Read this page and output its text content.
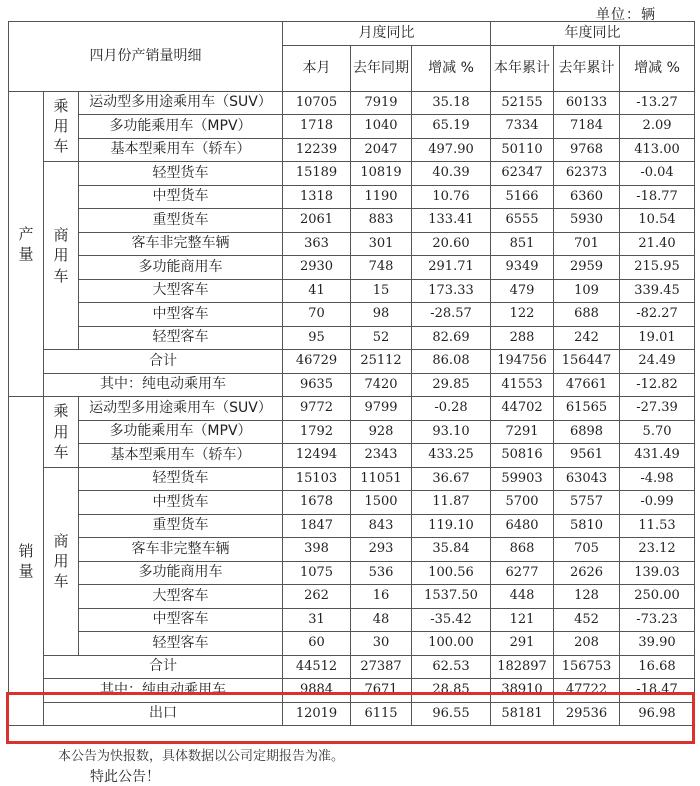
单位：辆
四月份产销量明细			月度同比			年度同比		
			本月	去年同期	增减 %	本年累计	去年累计	增减 %
产
量	乘
用
车	运动型多用途乘用车（SUV）	10705	7919	35.18	52155	60133	-13.27
		多功能乘用车（MPV）	1718	1040	65.19	7334	7184	2.09
		基本型乘用车（轿车）	12239	2047	497.90	50110	9768	413.00
	商
用
车	轻型货车	15189	10819	40.39	62347	62373	-0.04
		中型货车	1318	1190	10.76	5166	6360	-18.77
		重型货车	2061	883	133.41	6555	5930	10.54
		客车非完整车辆	363	301	20.60	851	701	21.40
		多功能商用车	2930	748	291.71	9349	2959	215.95
		大型客车	41	15	173.33	479	109	339.45
		中型客车	70	98	-28.57	122	688	-82.27
		轻型客车	95	52	82.69	288	242	19.01
	合计		46729	25112	86.08	194756	156447	24.49
	其中：纯电动乘用车		9635	7420	29.85	41553	47661	-12.82
销
量	乘
用
车	运动型多用途乘用车（SUV）	9772	9799	-0.28	44702	61565	-27.39
		多功能乘用车（MPV）	1792	928	93.10	7291	6898	5.70
		基本型乘用车（轿车）	12494	2343	433.25	50816	9561	431.49
	商
用
车	轻型货车	15103	11051	36.67	59903	63043	-4.98
		中型货车	1678	1500	11.87	5700	5757	-0.99
		重型货车	1847	843	119.10	6480	5810	11.53
		客车非完整车辆	398	293	35.84	868	705	23.12
		多功能商用车	1075	536	100.56	6277	2626	139.03
		大型客车	262	16	1537.50	448	128	250.00
		中型客车	31	48	-35.42	121	452	-73.23
		轻型客车	60	30	100.00	291	208	39.90
	合计		44512	27387	62.53	182897	156753	16.68
	其中：纯电动乘用车		9884	7671	28.85	38910	47722	-18.47
	出口		12019	6115	96.55	58181	29536	96.98
本公告为快报数，具体数据以公司定期报告为准。
特此公告！
